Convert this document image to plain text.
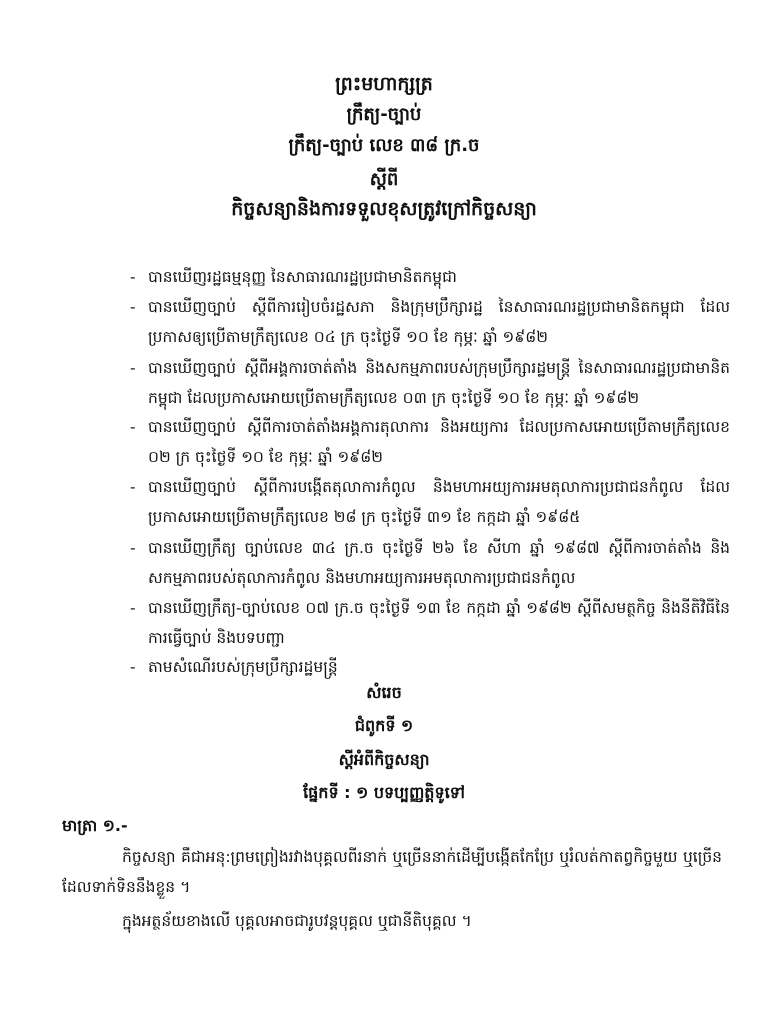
ព្រះមហាក្សត្រ
ក្រឹត្យ-ច្បាប់
ក្រឹត្យ-ច្បាប់ លេខ ៣៨ ក្រ.ច
ស្តីពី
កិច្ចសន្យានិងការទទួលខុសត្រូវក្រៅកិច្ចសន្យា
- បានឃើញរដ្ឋធម្មនុញ្ញ នៃសាធារណរដ្ឋប្រជាមានិតកម្ពុជា
- បានឃើញច្បាប់ ស្តីពីការរៀបចំរដ្ឋសភា និងក្រុមប្រឹក្សារដ្ឋ នៃសាធារណរដ្ឋប្រជាមានិតកម្ពុជា ដែលប្រកាសឲ្យប្រើតាមក្រឹត្យលេខ ០៤ ក្រ ចុះថ្ងៃទី ១០ ខែ កុម្ភៈ ឆ្នាំ ១៩៨២
- បានឃើញច្បាប់ ស្តីពីអង្គការចាត់តាំង និងសកម្មភាពរបស់ក្រុមប្រឹក្សារដ្ឋមន្ត្រី នៃសាធារណរដ្ឋប្រជាមានិតកម្ពុជា ដែលប្រកាសអោយប្រើតាមក្រឹត្យលេខ ០៣ ក្រ ចុះថ្ងៃទី ១០ ខែ កុម្ភៈ ឆ្នាំ ១៩៨២
- បានឃើញច្បាប់ ស្តីពីការចាត់តាំងអង្គការតុលាការ និងអយ្យការ ដែលប្រកាសអោយប្រើតាមក្រឹត្យលេខ ០២ ក្រ ចុះថ្ងៃទី ១០ ខែ កុម្ភៈ ឆ្នាំ ១៩៨២
- បានឃើញច្បាប់ ស្តីពីការបង្កើតតុលាការកំពូល និងមហាអយ្យការអមតុលាការប្រជាជនកំពូល ដែលប្រកាសអោយប្រើតាមក្រឹត្យលេខ ២៨ ក្រ ចុះថ្ងៃទី ៣១ ខែ កក្កដា ឆ្នាំ ១៩៨៥
- បានឃើញក្រឹត្យ ច្បាប់លេខ ៣៤ ក្រ.ច ចុះថ្ងៃទី ២៦ ខែ សីហា ឆ្នាំ ១៩៨៧ ស្តីពីការចាត់តាំង និងសកម្មភាពរបស់តុលាការកំពូល និងមហាអយ្យការអមតុលាការប្រជាជនកំពូល
- បានឃើញក្រឹត្យ-ច្បាប់លេខ ០៧ ក្រ.ច ចុះថ្ងៃទី ១៣ ខែ កក្កដា ឆ្នាំ ១៩៨២ ស្តីពីសមត្ថកិច្ច និងនីតិវិធីនៃការធ្វើច្បាប់ និងបទបញ្ជា
- តាមសំណើរបស់ក្រុមប្រឹក្សារដ្ឋមន្ត្រី
សំរេច
ជំពូកទី ១
ស្តីអំពីកិច្ចសន្យា
ផ្នែកទី : ១ បទប្បញ្ញត្តិទូទៅ
មាត្រា ១.-
កិច្ចសន្យា គឺជាអនុ:ព្រមព្រៀងរវាងបុគ្គលពីរនាក់ ឬច្រើននាក់ដើម្បីបង្កើតកែប្រែ ឬរំលត់កាតព្វកិច្ចមួយ ឬច្រើន ដែលទាក់ទិននឹងខ្លួន ។
ក្នុងអត្ថន័យខាងលើ បុគ្គលអាចជារូបវន្តបុគ្គល ឬជានីតិបុគ្គល ។
